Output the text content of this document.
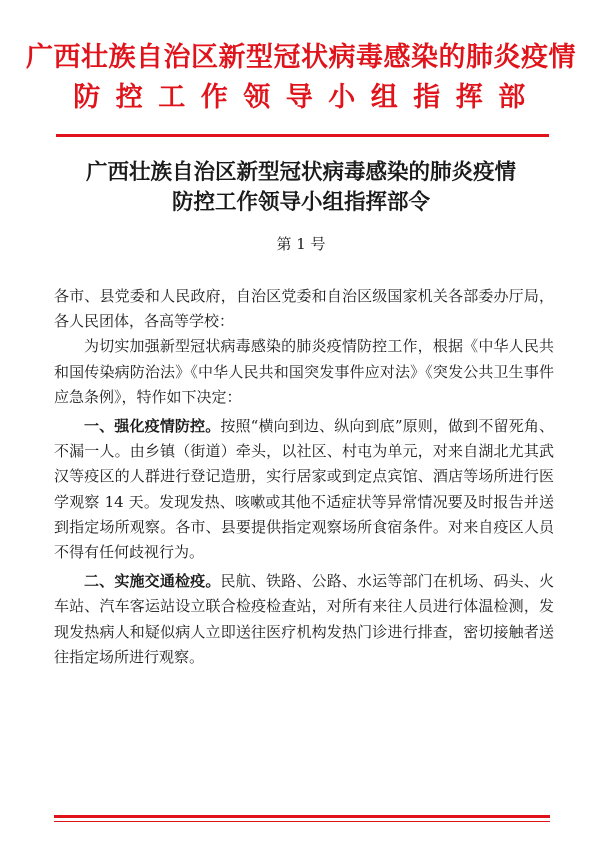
广西壮族自治区新型冠状病毒感染的肺炎疫情
防控工作领导小组指挥部
广西壮族自治区新型冠状病毒感染的肺炎疫情
防控工作领导小组指挥部令
第 1 号

各市、县党委和人民政府，自治区党委和自治区级国家机关各部委办厅局，各人民团体，各高等学校：

为切实加强新型冠状病毒感染的肺炎疫情防控工作，根据《中华人民共和国传染病防治法》《中华人民共和国突发事件应对法》《突发公共卫生事件应急条例》，特作如下决定：

一、强化疫情防控。按照“横向到边、纵向到底”原则，做到不留死角、不漏一人。由乡镇（街道）牵头，以社区、村屯为单元，对来自湖北尤其武汉等疫区的人群进行登记造册，实行居家或到定点宾馆、酒店等场所进行医学观察 14 天。发现发热、咳嗽或其他不适症状等异常情况要及时报告并送到指定场所观察。各市、县要提供指定观察场所食宿条件。对来自疫区人员不得有任何歧视行为。

二、实施交通检疫。民航、铁路、公路、水运等部门在机场、码头、火车站、汽车客运站设立联合检疫检查站，对所有来往人员进行体温检测，发现发热病人和疑似病人立即送往医疗机构发热门诊进行排查，密切接触者送往指定场所进行观察。
